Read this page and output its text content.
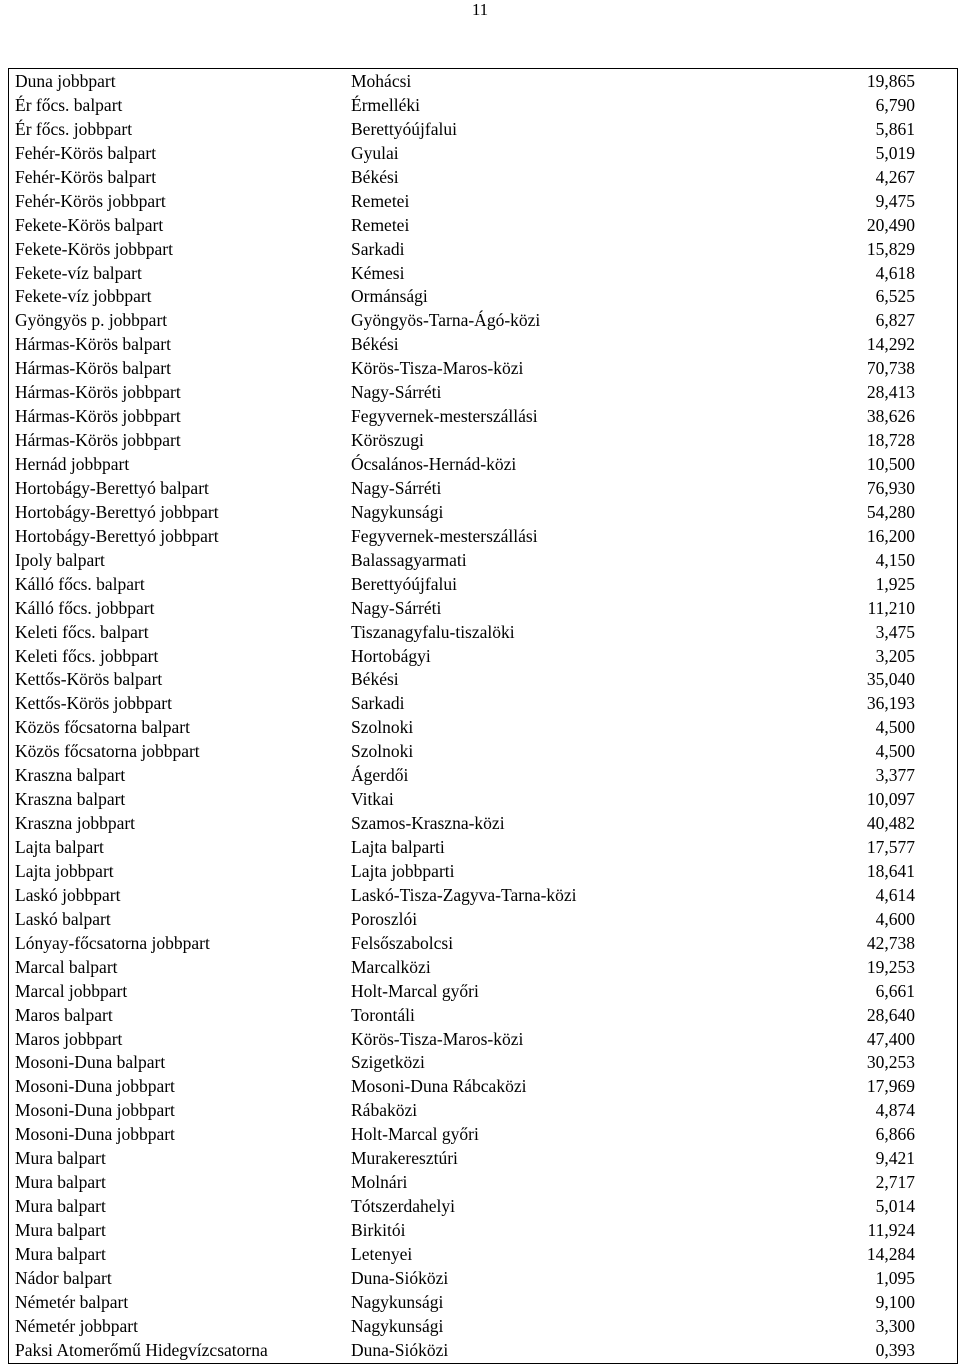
11
Duna jobbpart	Mohácsi	19,865
Ér főcs. balpart	Érmelléki	6,790
Ér főcs. jobbpart	Berettyóújfalui	5,861
Fehér-Körös balpart	Gyulai	5,019
Fehér-Körös balpart	Békési	4,267
Fehér-Körös jobbpart	Remetei	9,475
Fekete-Körös balpart	Remetei	20,490
Fekete-Körös jobbpart	Sarkadi	15,829
Fekete-víz balpart	Kémesi	4,618
Fekete-víz jobbpart	Ormánsági	6,525
Gyöngyös p. jobbpart	Gyöngyös-Tarna-Ágó-közi	6,827
Hármas-Körös balpart	Békési	14,292
Hármas-Körös balpart	Körös-Tisza-Maros-közi	70,738
Hármas-Körös jobbpart	Nagy-Sárréti	28,413
Hármas-Körös jobbpart	Fegyvernek-mesterszállási	38,626
Hármas-Körös jobbpart	Köröszugi	18,728
Hernád jobbpart	Ócsalános-Hernád-közi	10,500
Hortobágy-Berettyó balpart	Nagy-Sárréti	76,930
Hortobágy-Berettyó jobbpart	Nagykunsági	54,280
Hortobágy-Berettyó jobbpart	Fegyvernek-mesterszállási	16,200
Ipoly balpart	Balassagyarmati	4,150
Kálló főcs. balpart	Berettyóújfalui	1,925
Kálló főcs. jobbpart	Nagy-Sárréti	11,210
Keleti főcs. balpart	Tiszanagyfalu-tiszalöki	3,475
Keleti főcs. jobbpart	Hortobágyi	3,205
Kettős-Körös balpart	Békési	35,040
Kettős-Körös jobbpart	Sarkadi	36,193
Közös főcsatorna balpart	Szolnoki	4,500
Közös főcsatorna jobbpart	Szolnoki	4,500
Kraszna balpart	Ágerdői	3,377
Kraszna balpart	Vitkai	10,097
Kraszna jobbpart	Szamos-Kraszna-közi	40,482
Lajta balpart	Lajta balparti	17,577
Lajta jobbpart	Lajta jobbparti	18,641
Laskó jobbpart	Laskó-Tisza-Zagyva-Tarna-közi	4,614
Laskó balpart	Poroszlói	4,600
Lónyay-főcsatorna jobbpart	Felsőszabolcsi	42,738
Marcal balpart	Marcalközi	19,253
Marcal jobbpart	Holt-Marcal győri	6,661
Maros balpart	Torontáli	28,640
Maros jobbpart	Körös-Tisza-Maros-közi	47,400
Mosoni-Duna balpart	Szigetközi	30,253
Mosoni-Duna jobbpart	Mosoni-Duna Rábcaközi	17,969
Mosoni-Duna jobbpart	Rábaközi	4,874
Mosoni-Duna jobbpart	Holt-Marcal győri	6,866
Mura balpart	Murakeresztúri	9,421
Mura balpart	Molnári	2,717
Mura balpart	Tótszerdahelyi	5,014
Mura balpart	Birkitói	11,924
Mura balpart	Letenyei	14,284
Nádor balpart	Duna-Sióközi	1,095
Németér balpart	Nagykunsági	9,100
Németér jobbpart	Nagykunsági	3,300
Paksi Atomerőmű Hidegvízcsatorna	Duna-Sióközi	0,393
